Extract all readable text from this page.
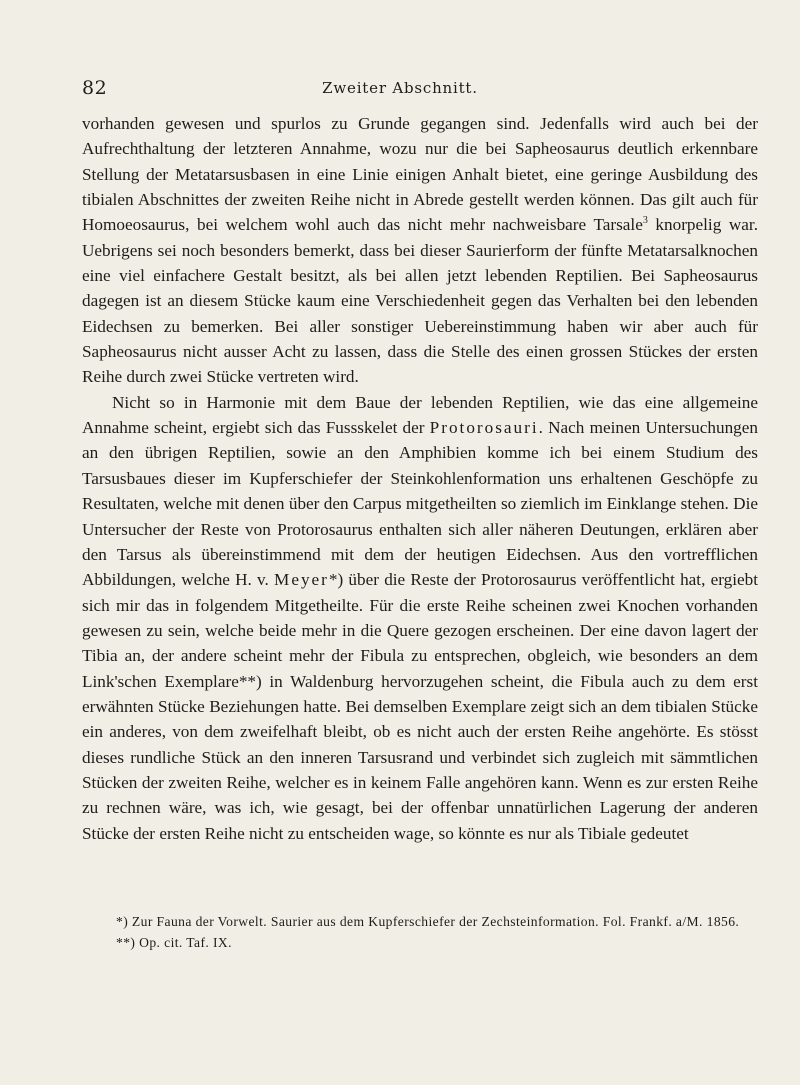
82	Zweiter Abschnitt.

vorhanden gewesen und spurlos zu Grunde gegangen sind. Jedenfalls wird auch bei der Aufrechthaltung der letzteren Annahme, wozu nur die bei Sapheosaurus deutlich erkennbare Stellung der Metatarsusbasen in eine Linie einigen Anhalt bietet, eine geringe Ausbildung des tibialen Abschnittes der zweiten Reihe nicht in Abrede gestellt werden können. Das gilt auch für Homoeosaurus, bei welchem wohl auch das nicht mehr nachweisbare Tarsale$^3$ knorpelig war. Uebrigens sei noch besonders bemerkt, dass bei dieser Saurierform der fünfte Metatarsalknochen eine viel einfachere Gestalt besitzt, als bei allen jetzt lebenden Reptilien. Bei Sapheosaurus dagegen ist an diesem Stücke kaum eine Verschiedenheit gegen das Verhalten bei den lebenden Eidechsen zu bemerken. Bei aller sonstiger Uebereinstimmung haben wir aber auch für Sapheosaurus nicht ausser Acht zu lassen, dass die Stelle des einen grossen Stückes der ersten Reihe durch zwei Stücke vertreten wird.

Nicht so in Harmonie mit dem Baue der lebenden Reptilien, wie das eine allgemeine Annahme scheint, ergiebt sich das Fussskelet der Protorosauri. Nach meinen Untersuchungen an den übrigen Reptilien, sowie an den Amphibien komme ich bei einem Studium des Tarsusbaues dieser im Kupferschiefer der Steinkohlenformation uns erhaltenen Geschöpfe zu Resultaten, welche mit denen über den Carpus mitgetheilten so ziemlich im Einklange stehen. Die Untersucher der Reste von Protorosaurus enthalten sich aller näheren Deutungen, erklären aber den Tarsus als übereinstimmend mit dem der heutigen Eidechsen. Aus den vortrefflichen Abbildungen, welche H. v. Meyer*) über die Reste der Protorosaurus veröffentlicht hat, ergiebt sich mir das in folgendem Mitgetheilte. Für die erste Reihe scheinen zwei Knochen vorhanden gewesen zu sein, welche beide mehr in die Quere gezogen erscheinen. Der eine davon lagert der Tibia an, der andere scheint mehr der Fibula zu entsprechen, obgleich, wie besonders an dem Link'schen Exemplare**) in Waldenburg hervorzugehen scheint, die Fibula auch zu dem erst erwähnten Stücke Beziehungen hatte. Bei demselben Exemplare zeigt sich an dem tibialen Stücke ein anderes, von dem zweifelhaft bleibt, ob es nicht auch der ersten Reihe angehörte. Es stösst dieses rundliche Stück an den inneren Tarsusrand und verbindet sich zugleich mit sämmtlichen Stücken der zweiten Reihe, welcher es in keinem Falle angehören kann. Wenn es zur ersten Reihe zu rechnen wäre, was ich, wie gesagt, bei der offenbar unnatürlichen Lagerung der anderen Stücke der ersten Reihe nicht zu entscheiden wage, so könnte es nur als Tibiale gedeutet

*) Zur Fauna der Vorwelt. Saurier aus dem Kupferschiefer der Zechsteinformation. Fol. Frankf. a/M. 1856.

**) Op. cit. Taf. IX.
